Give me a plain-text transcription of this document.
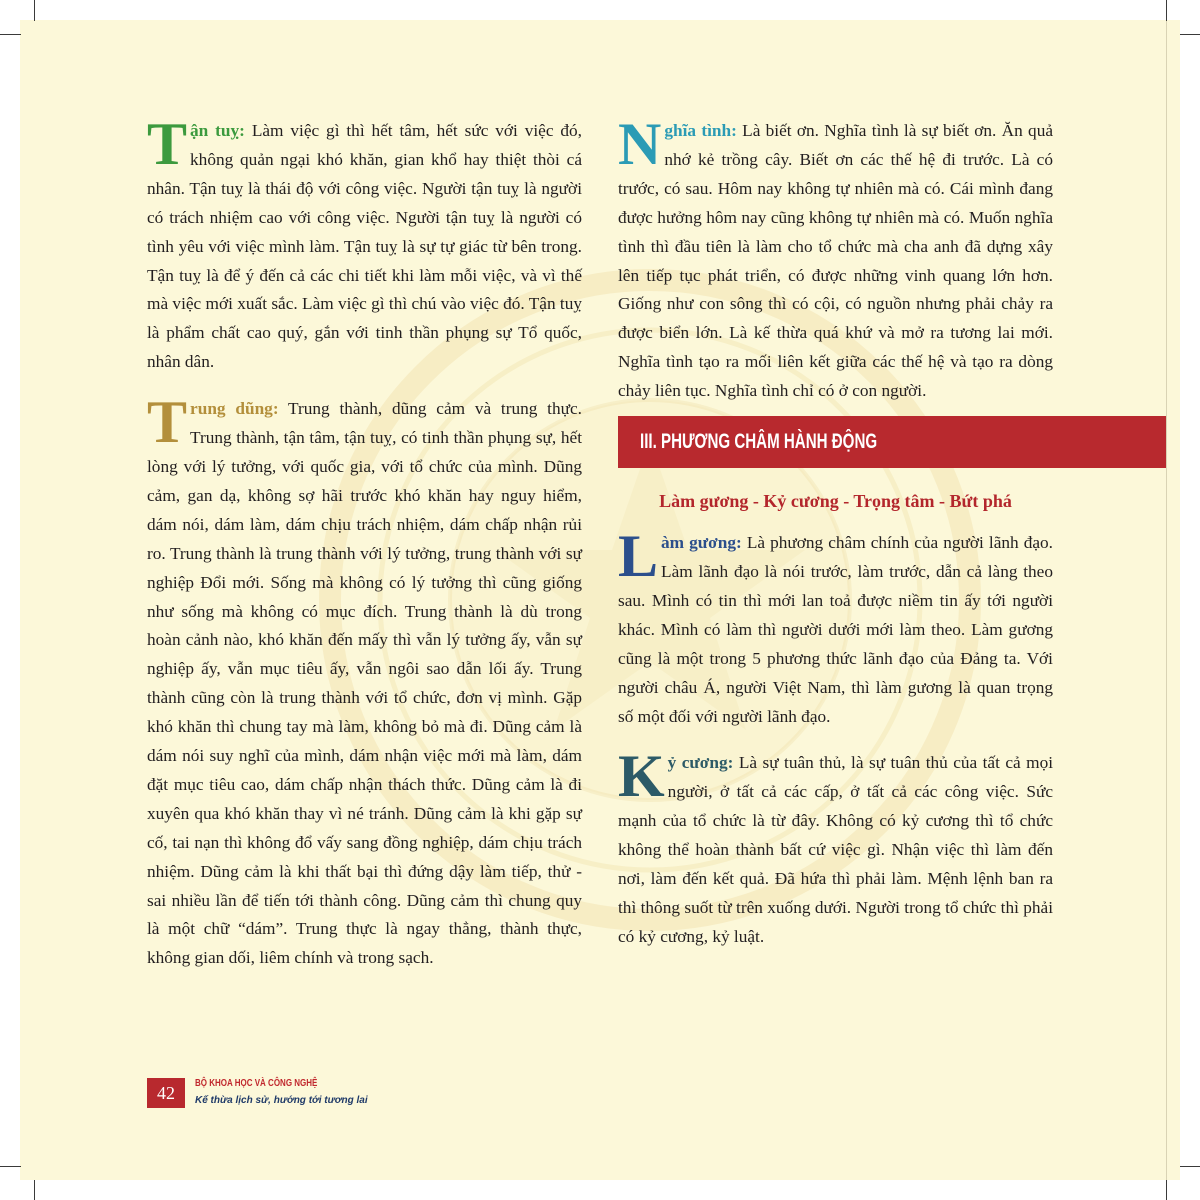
Tận tuỵ: Làm việc gì thì hết tâm, hết sức với việc đó, không quản ngại khó khăn, gian khổ hay thiệt thòi cá nhân. Tận tuỵ là thái độ với công việc. Người tận tuỵ là người có trách nhiệm cao với công việc. Người tận tuỵ là người có tình yêu với việc mình làm. Tận tuỵ là sự tự giác từ bên trong. Tận tuỵ là để ý đến cả các chi tiết khi làm mỗi việc, và vì thế mà việc mới xuất sắc. Làm việc gì thì chú vào việc đó. Tận tuỵ là phẩm chất cao quý, gắn với tinh thần phụng sự Tổ quốc, nhân dân.

Trung dũng: Trung thành, dũng cảm và trung thực. Trung thành, tận tâm, tận tuỵ, có tinh thần phụng sự, hết lòng với lý tưởng, với quốc gia, với tổ chức của mình. Dũng cảm, gan dạ, không sợ hãi trước khó khăn hay nguy hiểm, dám nói, dám làm, dám chịu trách nhiệm, dám chấp nhận rủi ro. Trung thành là trung thành với lý tưởng, trung thành với sự nghiệp Đổi mới. Sống mà không có lý tưởng thì cũng giống như sống mà không có mục đích. Trung thành là dù trong hoàn cảnh nào, khó khăn đến mấy thì vẫn lý tưởng ấy, vẫn sự nghiệp ấy, vẫn mục tiêu ấy, vẫn ngôi sao dẫn lối ấy. Trung thành cũng còn là trung thành với tổ chức, đơn vị mình. Gặp khó khăn thì chung tay mà làm, không bỏ mà đi. Dũng cảm là dám nói suy nghĩ của mình, dám nhận việc mới mà làm, dám đặt mục tiêu cao, dám chấp nhận thách thức. Dũng cảm là đi xuyên qua khó khăn thay vì né tránh. Dũng cảm là khi gặp sự cố, tai nạn thì không đổ vấy sang đồng nghiệp, dám chịu trách nhiệm. Dũng cảm là khi thất bại thì đứng dậy làm tiếp, thử - sai nhiều lần để tiến tới thành công. Dũng cảm thì chung quy là một chữ “dám”. Trung thực là ngay thẳng, thành thực, không gian dối, liêm chính và trong sạch.

Nghĩa tình: Là biết ơn. Nghĩa tình là sự biết ơn. Ăn quả nhớ kẻ trồng cây. Biết ơn các thế hệ đi trước. Là có trước, có sau. Hôm nay không tự nhiên mà có. Cái mình đang được hưởng hôm nay cũng không tự nhiên mà có. Muốn nghĩa tình thì đầu tiên là làm cho tổ chức mà cha anh đã dựng xây lên tiếp tục phát triển, có được những vinh quang lớn hơn. Giống như con sông thì có cội, có nguồn nhưng phải chảy ra được biển lớn. Là kế thừa quá khứ và mở ra tương lai mới. Nghĩa tình tạo ra mối liên kết giữa các thế hệ và tạo ra dòng chảy liên tục. Nghĩa tình chỉ có ở con người.

III. PHƯƠNG CHÂM HÀNH ĐỘNG
Làm gương - Kỷ cương - Trọng tâm - Bứt phá

Làm gương: Là phương châm chính của người lãnh đạo. Làm lãnh đạo là nói trước, làm trước, dẫn cả làng theo sau. Mình có tin thì mới lan toả được niềm tin ấy tới người khác. Mình có làm thì người dưới mới làm theo. Làm gương cũng là một trong 5 phương thức lãnh đạo của Đảng ta. Với người châu Á, người Việt Nam, thì làm gương là quan trọng số một đối với người lãnh đạo.

Kỷ cương: Là sự tuân thủ, là sự tuân thủ của tất cả mọi người, ở tất cả các cấp, ở tất cả các công việc. Sức mạnh của tổ chức là từ đây. Không có kỷ cương thì tổ chức không thể hoàn thành bất cứ việc gì. Nhận việc thì làm đến nơi, làm đến kết quả. Đã hứa thì phải làm. Mệnh lệnh ban ra thì thông suốt từ trên xuống dưới. Người trong tổ chức thì phải có kỷ cương, kỷ luật.

42	BỘ KHOA HỌC VÀ CÔNG NGHỆ
Kế thừa lịch sử, hướng tới tương lai
